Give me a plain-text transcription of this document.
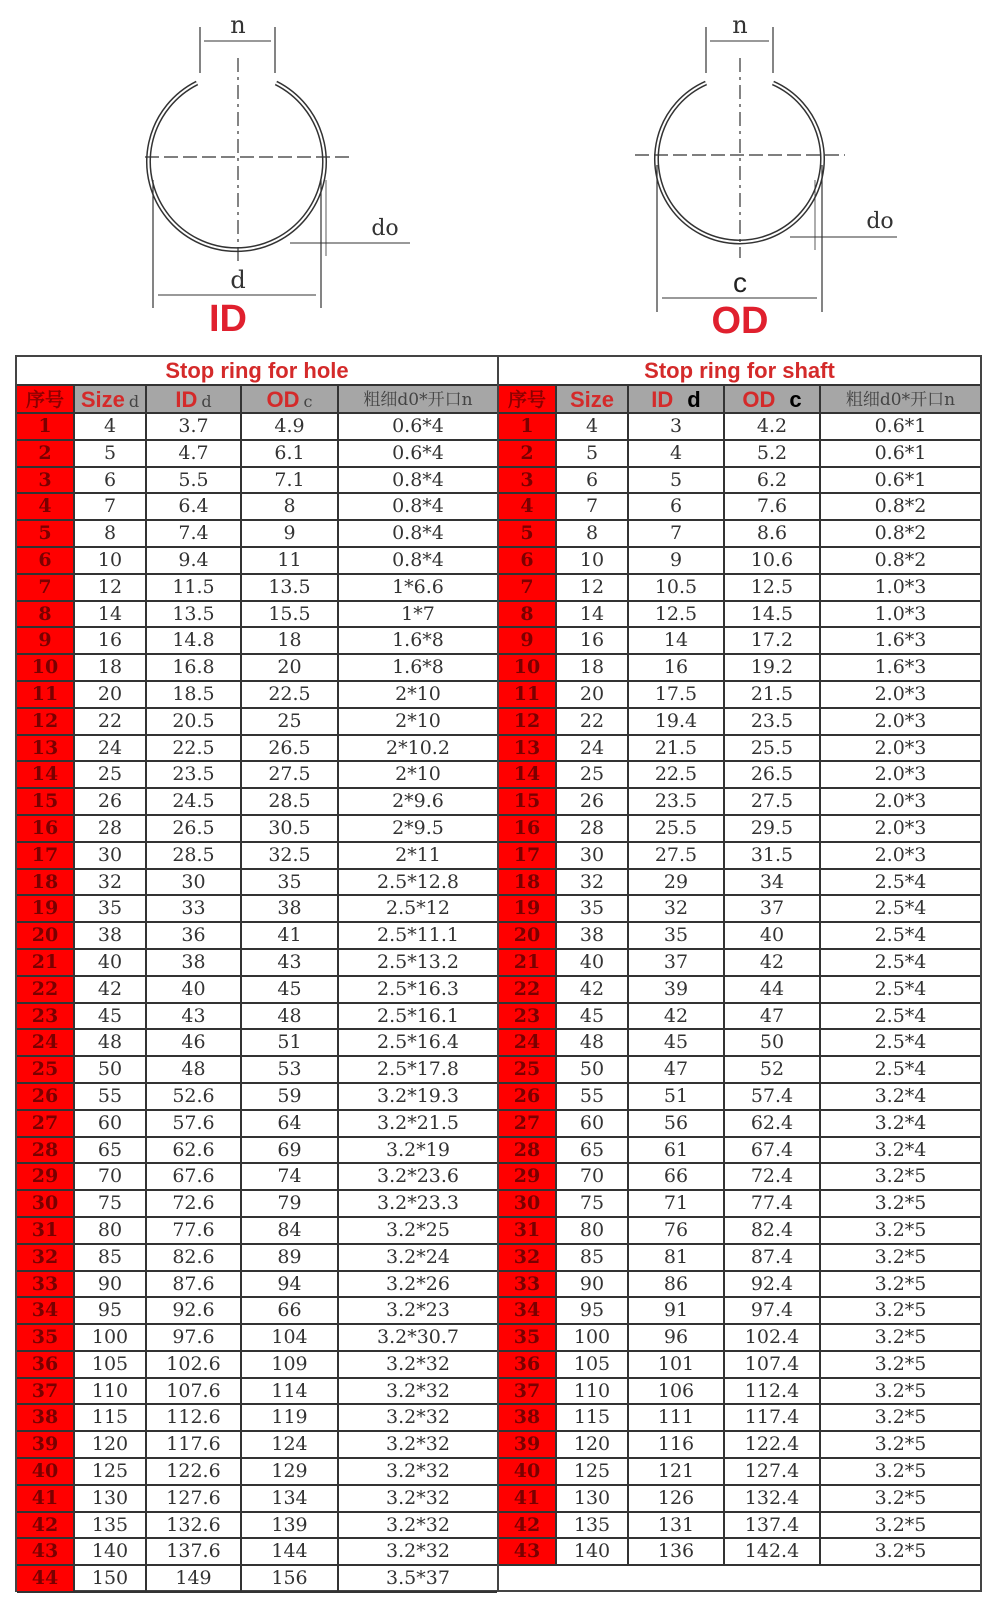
n
d
do
ID
n
c
do
OD
Stop ring for hole
序号 Size d	ID d	OD c	粗细d0*开口n
1	4	3.7	4.9	0.6*4
2	5	4.7	6.1	0.6*4
3	6	5.5	7.1	0.8*4
4	7	6.4	8	0.8*4
5	8	7.4	9	0.8*4
6	10	9.4	11	0.8*4
7	12	11.5	13.5	1*6.6
8	14	13.5	15.5	1*7
9	16	14.8	18	1.6*8
10	18	16.8	20	1.6*8
11	20	18.5	22.5	2*10
12	22	20.5	25	2*10
13	24	22.5	26.5	2*10.2
14	25	23.5	27.5	2*10
15	26	24.5	28.5	2*9.6
16	28	26.5	30.5	2*9.5
17	30	28.5	32.5	2*11
18	32	30	35	2.5*12.8
19	35	33	38	2.5*12
20	38	36	41	2.5*11.1
21	40	38	43	2.5*13.2
22	42	40	45	2.5*16.3
23	45	43	48	2.5*16.1
24	48	46	51	2.5*16.4
25	50	48	53	2.5*17.8
26	55	52.6	59	3.2*19.3
27	60	57.6	64	3.2*21.5
28	65	62.6	69	3.2*19
29	70	67.6	74	3.2*23.6
30	75	72.6	79	3.2*23.3
31	80	77.6	84	3.2*25
32	85	82.6	89	3.2*24
33	90	87.6	94	3.2*26
34	95	92.6	66	3.2*23
35	100	97.6	104	3.2*30.7
36	105	102.6	109	3.2*32
37	110	107.6	114	3.2*32
38	115	112.6	119	3.2*32
39	120	117.6	124	3.2*32
40	125	122.6	129	3.2*32
41	130	127.6	134	3.2*32
42	135	132.6	139	3.2*32
43	140	137.6	144	3.2*32
44	150	149	156	3.5*37
Stop ring for shaft
序号	Size	ID d	OD c	粗细d0*开口n
1	4	3	4.2	0.6*1
2	5	4	5.2	0.6*1
3	6	5	6.2	0.6*1
4	7	6	7.6	0.8*2
5	8	7	8.6	0.8*2
6	10	9	10.6	0.8*2
7	12	10.5	12.5	1.0*3
8	14	12.5	14.5	1.0*3
9	16	14	17.2	1.6*3
10	18	16	19.2	1.6*3
11	20	17.5	21.5	2.0*3
12	22	19.4	23.5	2.0*3
13	24	21.5	25.5	2.0*3
14	25	22.5	26.5	2.0*3
15	26	23.5	27.5	2.0*3
16	28	25.5	29.5	2.0*3
17	30	27.5	31.5	2.0*3
18	32	29	34	2.5*4
19	35	32	37	2.5*4
20	38	35	40	2.5*4
21	40	37	42	2.5*4
22	42	39	44	2.5*4
23	45	42	47	2.5*4
24	48	45	50	2.5*4
25	50	47	52	2.5*4
26	55	51	57.4	3.2*4
27	60	56	62.4	3.2*4
28	65	61	67.4	3.2*4
29	70	66	72.4	3.2*5
30	75	71	77.4	3.2*5
31	80	76	82.4	3.2*5
32	85	81	87.4	3.2*5
33	90	86	92.4	3.2*5
34	95	91	97.4	3.2*5
35	100	96	102.4	3.2*5
36	105	101	107.4	3.2*5
37	110	106	112.4	3.2*5
38	115	111	117.4	3.2*5
39	120	116	122.4	3.2*5
40	125	121	127.4	3.2*5
41	130	126	132.4	3.2*5
42	135	131	137.4	3.2*5
43	140	136	142.4	3.2*5
